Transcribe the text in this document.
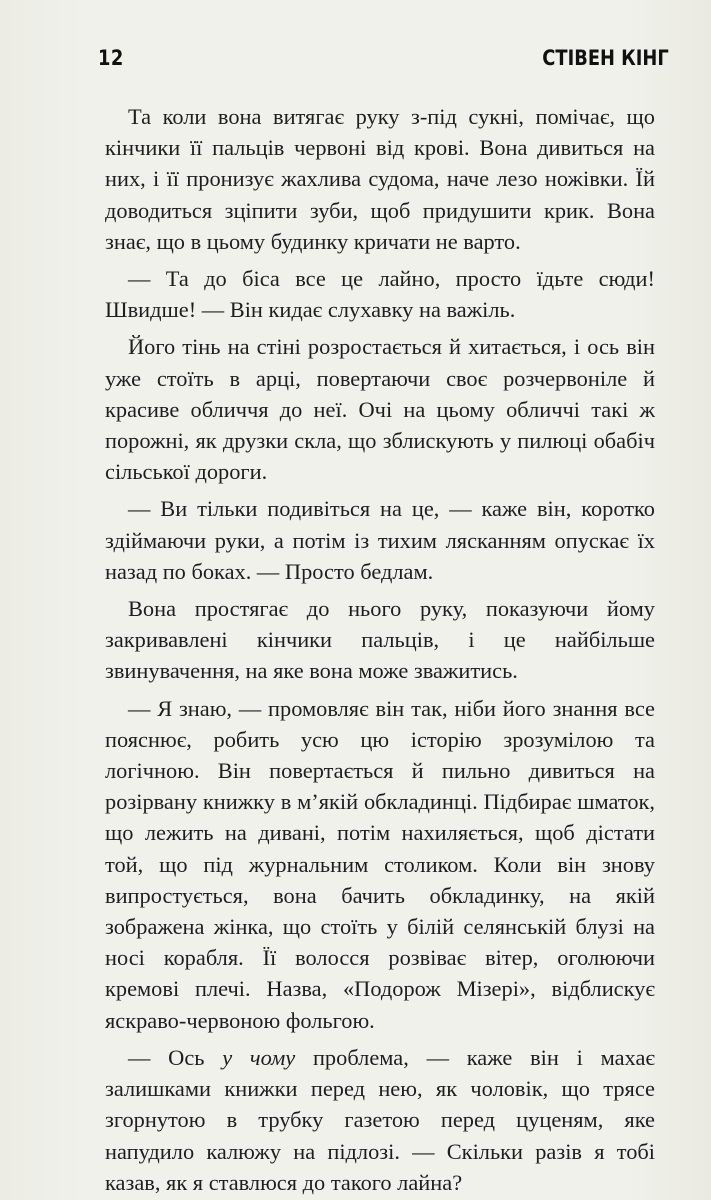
12	СТІВЕН КІНГ

Та коли вона витягає руку з-під сукні, помічає, що кінчики її пальців червоні від крові. Вона дивиться на них, і її пронизує жахлива судома, наче лезо ножівки. Їй доводиться зціпити зуби, щоб придушити крик. Вона знає, що в цьому будинку кричати не варто.

— Та до біса все це лайно, просто їдьте сюди! Швидше! — Він кидає слухавку на важіль.

Його тінь на стіні розростається й хитається, і ось він уже стоїть в арці, повертаючи своє розчервоніле й красиве обличчя до неї. Очі на цьому обличчі такі ж порожні, як друзки скла, що зблискують у пилюці обабіч сільської дороги.

— Ви тільки подивіться на це, — каже він, коротко здіймаючи руки, а потім із тихим лясканням опускає їх назад по боках. — Просто бедлам.

Вона простягає до нього руку, показуючи йому закривавлені кінчики пальців, і це найбільше звинувачення, на яке вона може зважитись.

— Я знаю, — промовляє він так, ніби його знання все пояснює, робить усю цю історію зрозумілою та логічною. Він повертається й пильно дивиться на розірвану книжку в м’якій обкладинці. Підбирає шматок, що лежить на дивані, потім нахиляється, щоб дістати той, що під журнальним столиком. Коли він знову випростується, вона бачить обкладинку, на якій зображена жінка, що стоїть у білій селянській блузі на носі корабля. Її волосся розвіває вітер, оголюючи кремові плечі. Назва, «Подорож Мізері», відблискує яскраво-червоною фольгою.

— Ось у чому проблема, — каже він і махає залишками книжки перед нею, як чоловік, що трясе згорнутою в трубку газетою перед цуценям, яке напудило калюжу на підлозі. — Скільки разів я тобі казав, як я ставлюся до такого лайна?
